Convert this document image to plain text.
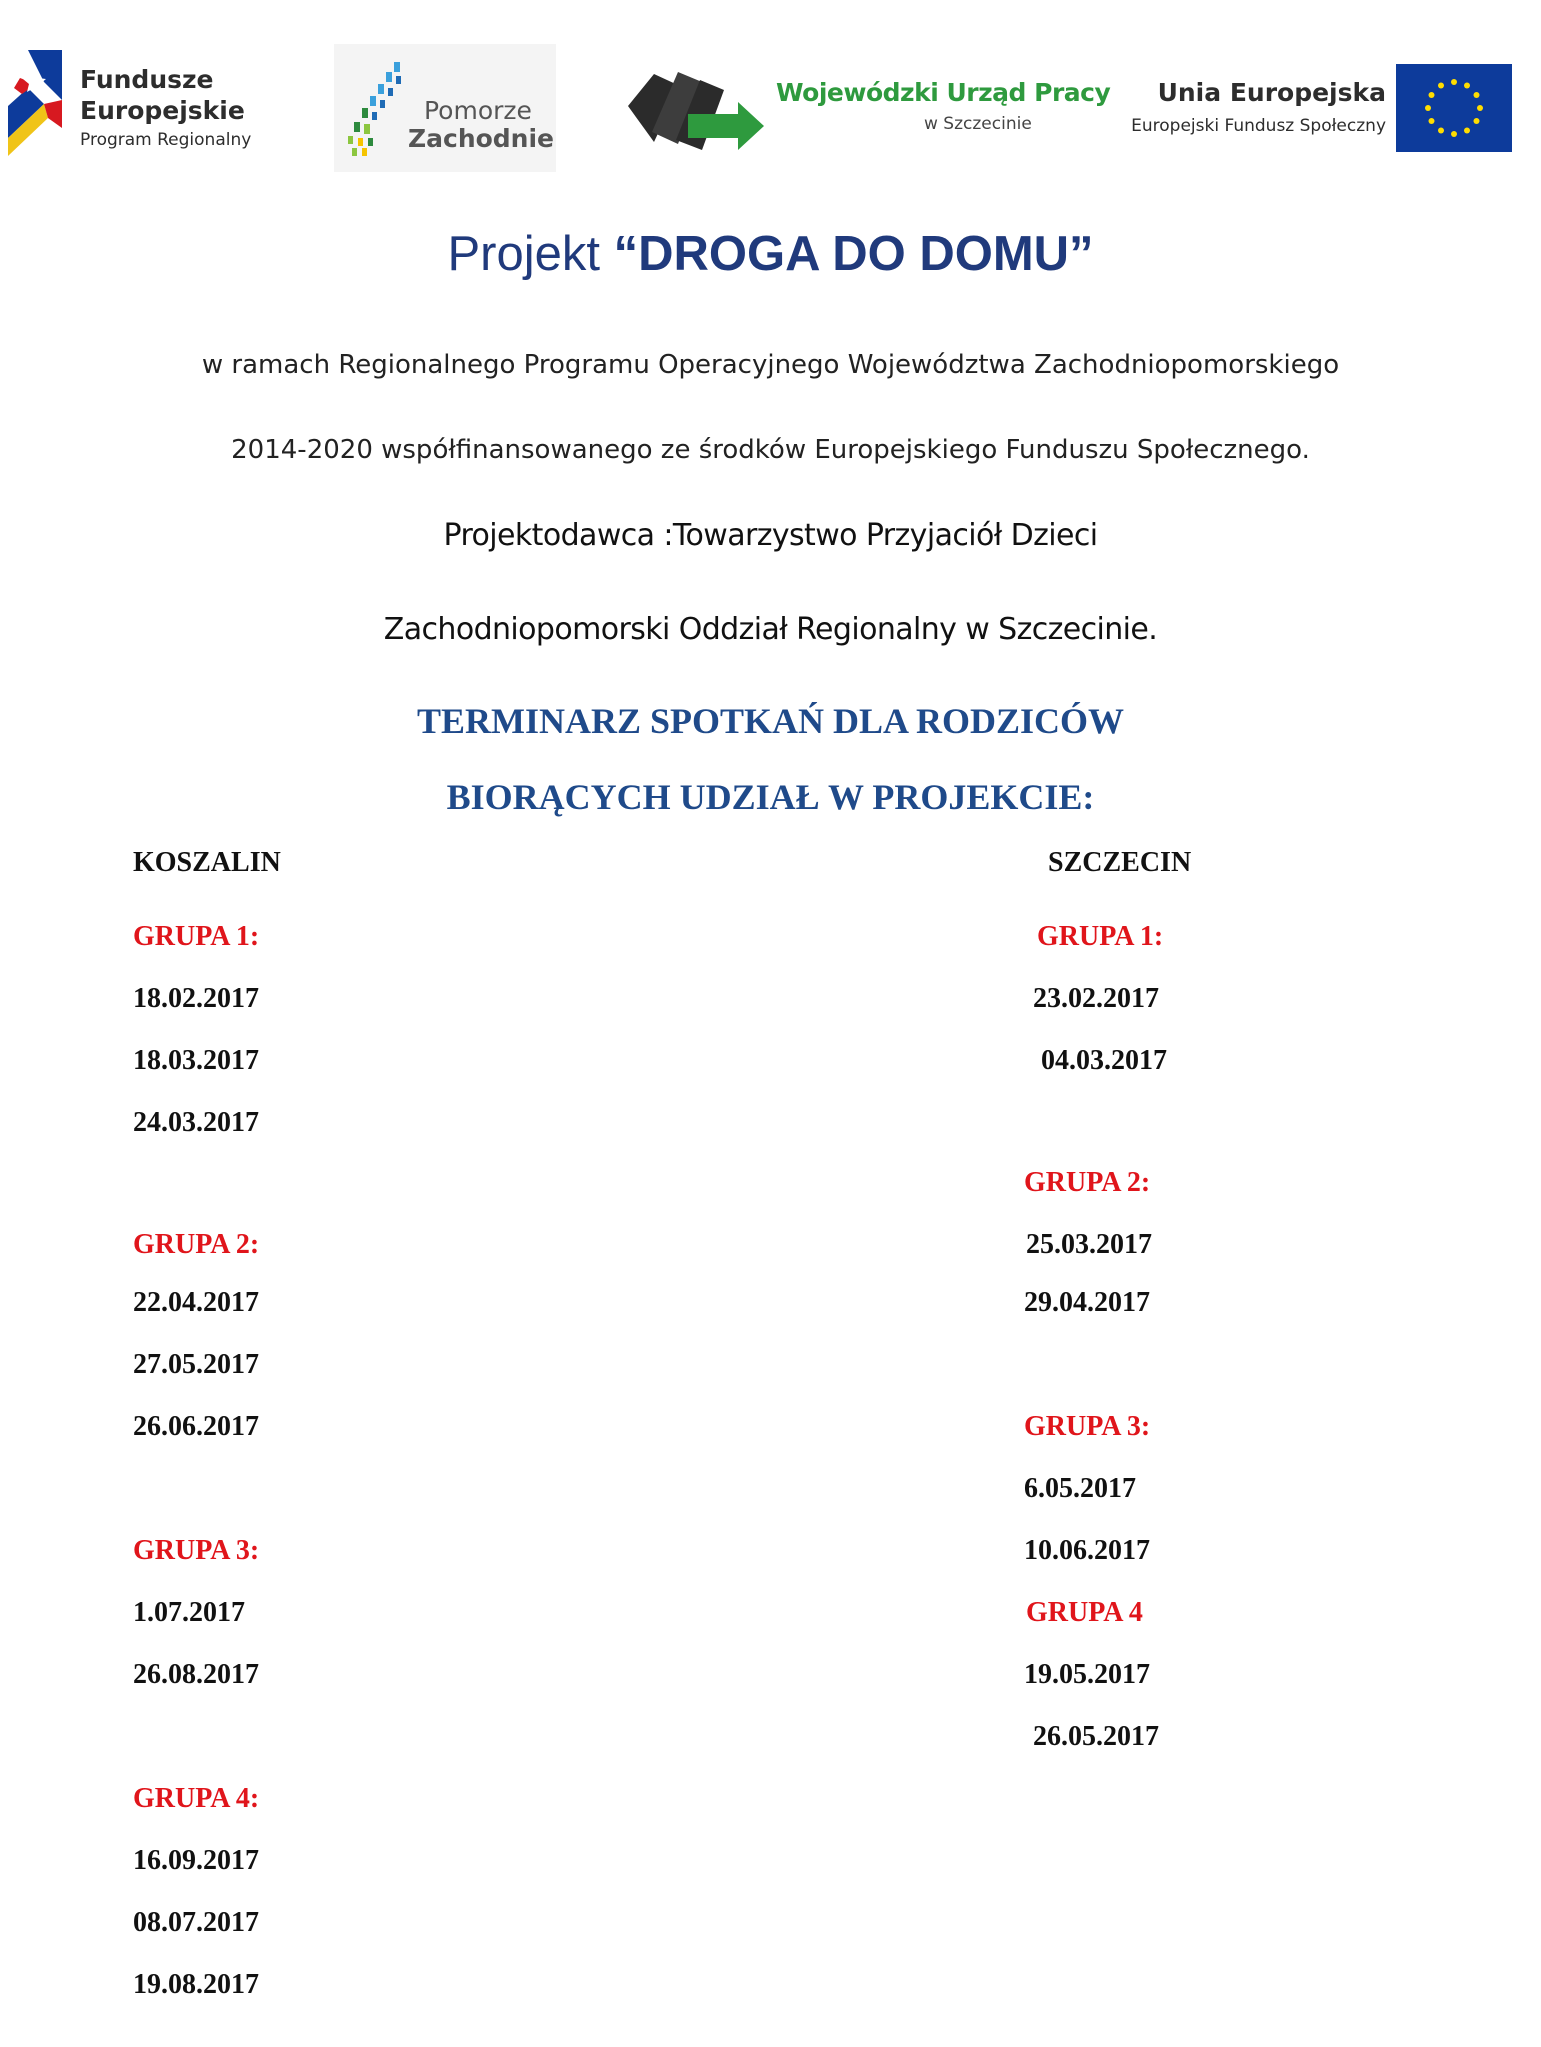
Fundusze
Europejskie
Program Regionalny
Pomorze
Zachodnie
Wojewódzki Urząd Pracy
w Szczecinie
Unia Europejska
Europejski Fundusz Społeczny
Projekt “DROGA DO DOMU”
w ramach Regionalnego Programu Operacyjnego Województwa Zachodniopomorskiego
2014-2020 współfinansowanego ze środków Europejskiego Funduszu Społecznego.
Projektodawca :Towarzystwo Przyjaciół Dzieci
Zachodniopomorski Oddział Regionalny w Szczecinie.
TERMINARZ SPOTKAŃ DLA RODZICÓW
BIORĄCYCH UDZIAŁ W PROJEKCIE:
KOSZALIN
GRUPA 1:
18.02.2017
18.03.2017
24.03.2017
GRUPA 2:
22.04.2017
27.05.2017
26.06.2017
GRUPA 3:
1.07.2017
26.08.2017
GRUPA 4:
16.09.2017
08.07.2017
19.08.2017
SZCZECIN
GRUPA 1:
23.02.2017
04.03.2017
GRUPA 2:
25.03.2017
29.04.2017
GRUPA 3:
6.05.2017
10.06.2017
GRUPA 4
19.05.2017
26.05.2017
